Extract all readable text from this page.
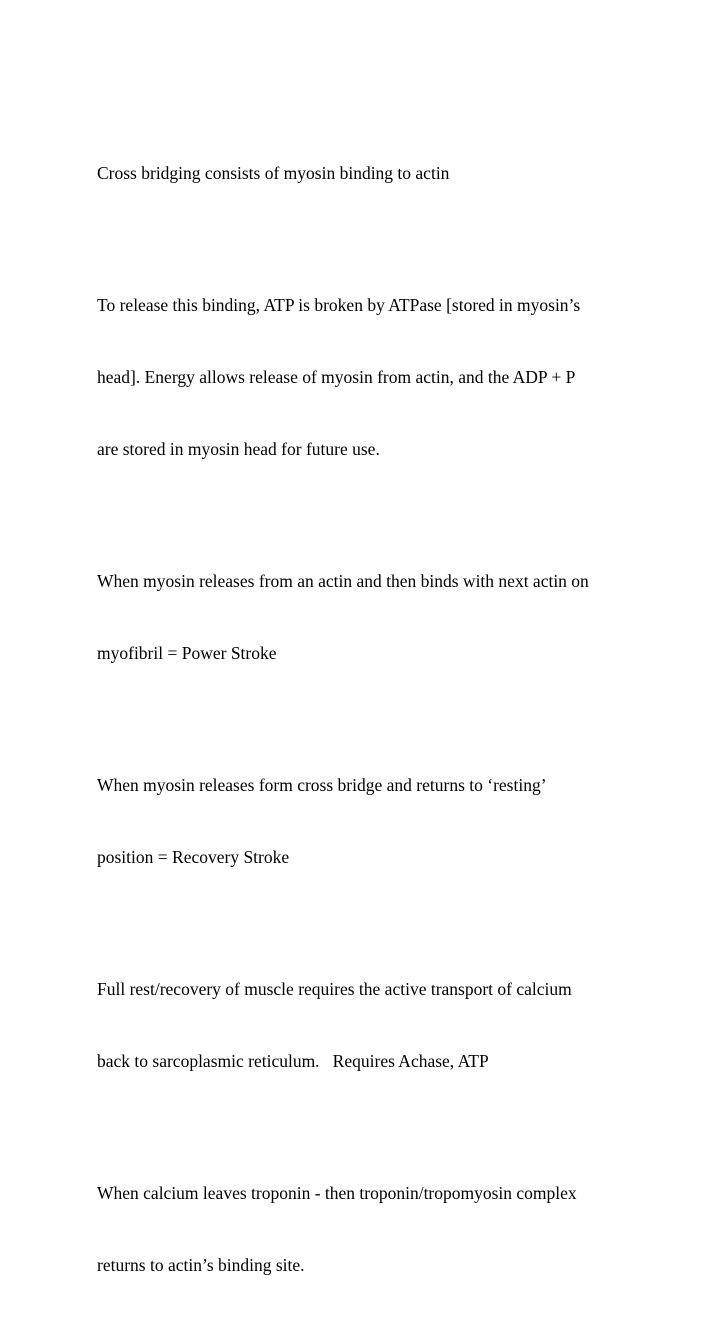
Cross bridging consists of myosin binding to actin

To release this binding, ATP is broken by ATPase [stored in myosin’s

head]. Energy allows release of myosin from actin, and the ADP + P

are stored in myosin head for future use.

When myosin releases from an actin and then binds with next actin on

myofibril = Power Stroke

When myosin releases form cross bridge and returns to ‘resting’

position = Recovery Stroke

Full rest/recovery of muscle requires the active transport of calcium

back to sarcoplasmic reticulum.   Requires Achase, ATP

When calcium leaves troponin - then troponin/tropomyosin complex

returns to actin’s binding site.
